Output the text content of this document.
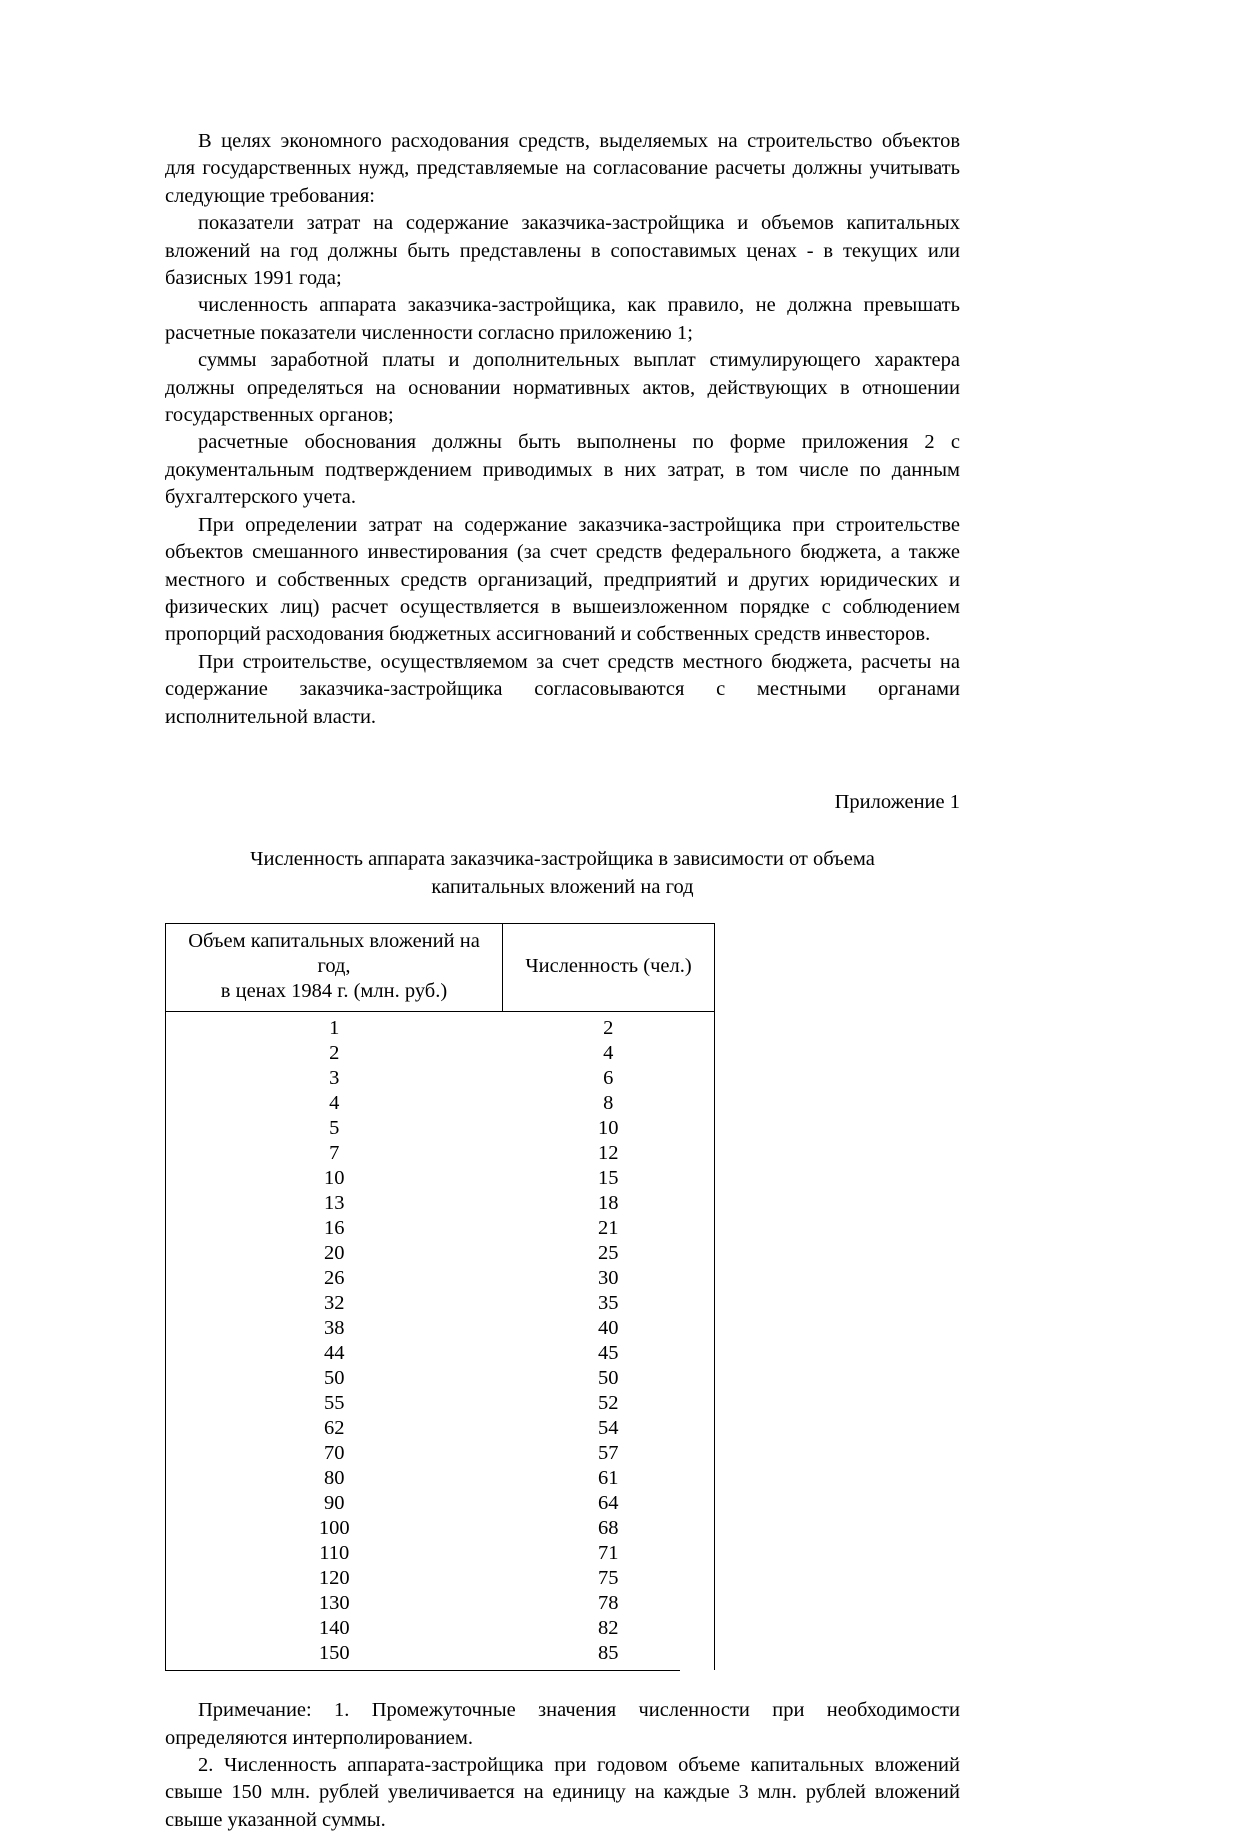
В целях экономного расходования средств, выделяемых на строительство объектов для государственных нужд, представляемые на согласование расчеты должны учитывать следующие требования:

показатели затрат на содержание заказчика-застройщика и объемов капитальных вложений на год должны быть представлены в сопоставимых ценах - в текущих или базисных 1991 года;

численность аппарата заказчика-застройщика, как правило, не должна превышать расчетные показатели численности согласно приложению 1;

суммы заработной платы и дополнительных выплат стимулирующего характера должны определяться на основании нормативных актов, действующих в отношении государственных органов;

расчетные обоснования должны быть выполнены по форме приложения 2 с документальным подтверждением приводимых в них затрат, в том числе по данным бухгалтерского учета.

При определении затрат на содержание заказчика-застройщика при строительстве объектов смешанного инвестирования (за счет средств федерального бюджета, а также местного и собственных средств организаций, предприятий и других юридических и физических лиц) расчет осуществляется в вышеизложенном порядке с соблюдением пропорций расходования бюджетных ассигнований и собственных средств инвесторов.

При строительстве, осуществляемом за счет средств местного бюджета, расчеты на содержание заказчика-застройщика согласовываются с местными органами исполнительной власти.

Приложение 1

Численность аппарата заказчика-застройщика в зависимости от объема капитальных вложений на год

Объем капитальных вложений на год,
в ценах 1984 г. (млн. руб.)	Численность (чел.)
1	2
2	4
3	6
4	8
5	10
7	12
10	15
13	18
16	21
20	25
26	30
32	35
38	40
44	45
50	50
55	52
62	54
70	57
80	61
90	64
100	68
110	71
120	75
130	78
140	82
150	85

Примечание: 1. Промежуточные значения численности при необходимости определяются интерполированием.

2. Численность аппарата-застройщика при годовом объеме капитальных вложений свыше 150 млн. рублей увеличивается на единицу на каждые 3 млн. рублей вложений свыше указанной суммы.
